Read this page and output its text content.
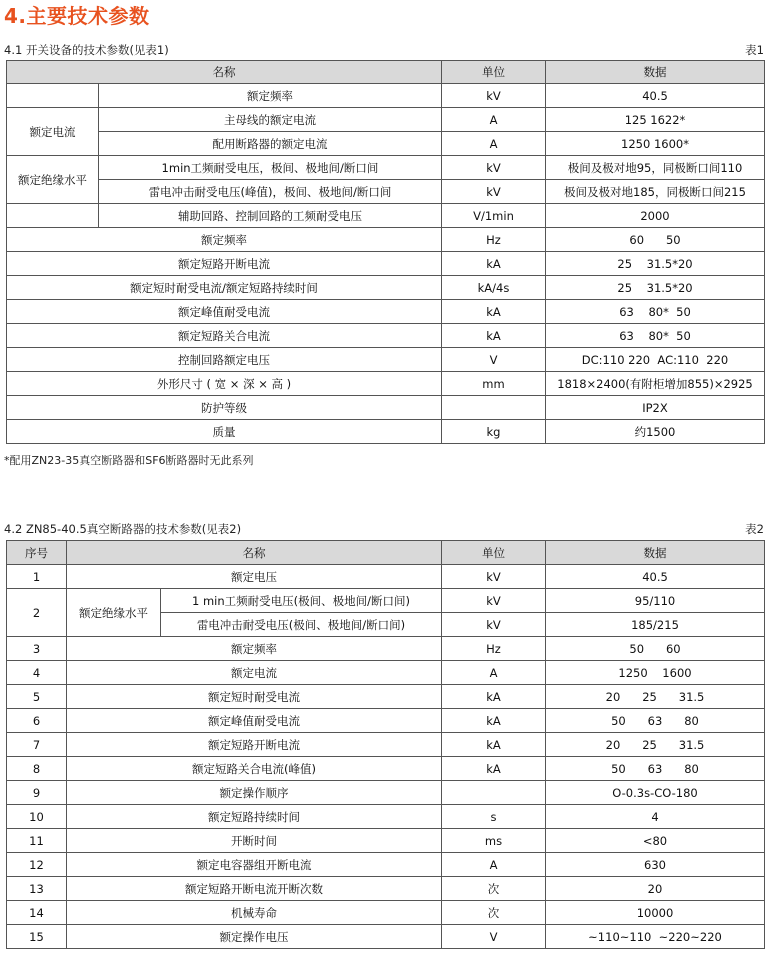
4.主要技术参数
4.1 开关设备的技术参数(见表1)	表1
名称		单位	数据
	额定频率	kV	40.5
额定电流	主母线的额定电流	A	125 1622*
	配用断路器的额定电流	A	1250 1600*
额定绝缘水平	1min工频耐受电压，极间、极地间/断口间	kV	极间及极对地95，同极断口间110
	雷电冲击耐受电压(峰值)，极间、极地间/断口间	kV	极间及极对地185，同极断口间215
	辅助回路、控制回路的工频耐受电压	V/1min	2000
额定频率		Hz	60      50
额定短路开断电流		kA	25    31.5*20
额定短时耐受电流/额定短路持续时间		kA/4s	25    31.5*20
额定峰值耐受电流		kA	63    80*  50
额定短路关合电流		kA	63    80*  50
控制回路额定电压		V	DC:110 220  AC:110  220
外形尺寸 ( 宽 × 深 × 高 )		mm	1818×2400(有附柜增加855)×2925
防护等级			IP2X
质量		kg	约1500
*配用ZN23-35真空断路器和SF6断路器时无此系列
4.2 ZN85-40.5真空断路器的技术参数(见表2)	表2
序号	名称		单位	数据
1	额定电压		kV	40.5
2	额定绝缘水平	1 min工频耐受电压(极间、极地间/断口间)	kV	95/110
		雷电冲击耐受电压(极间、极地间/断口间)	kV	185/215
3	额定频率		Hz	50      60
4	额定电流		A	1250    1600
5	额定短时耐受电流		kA	20      25      31.5
6	额定峰值耐受电流		kA	50      63      80
7	额定短路开断电流		kA	20      25      31.5
8	额定短路关合电流(峰值)		kA	50      63      80
9	额定操作顺序			O-0.3s-CO-180
10	额定短路持续时间		s	4
11	开断时间		ms	<80
12	额定电容器组开断电流		A	630
13	额定短路开断电流开断次数		次	20
14	机械寿命		次	10000
15	额定操作电压		V	~110~110  ~220~220
